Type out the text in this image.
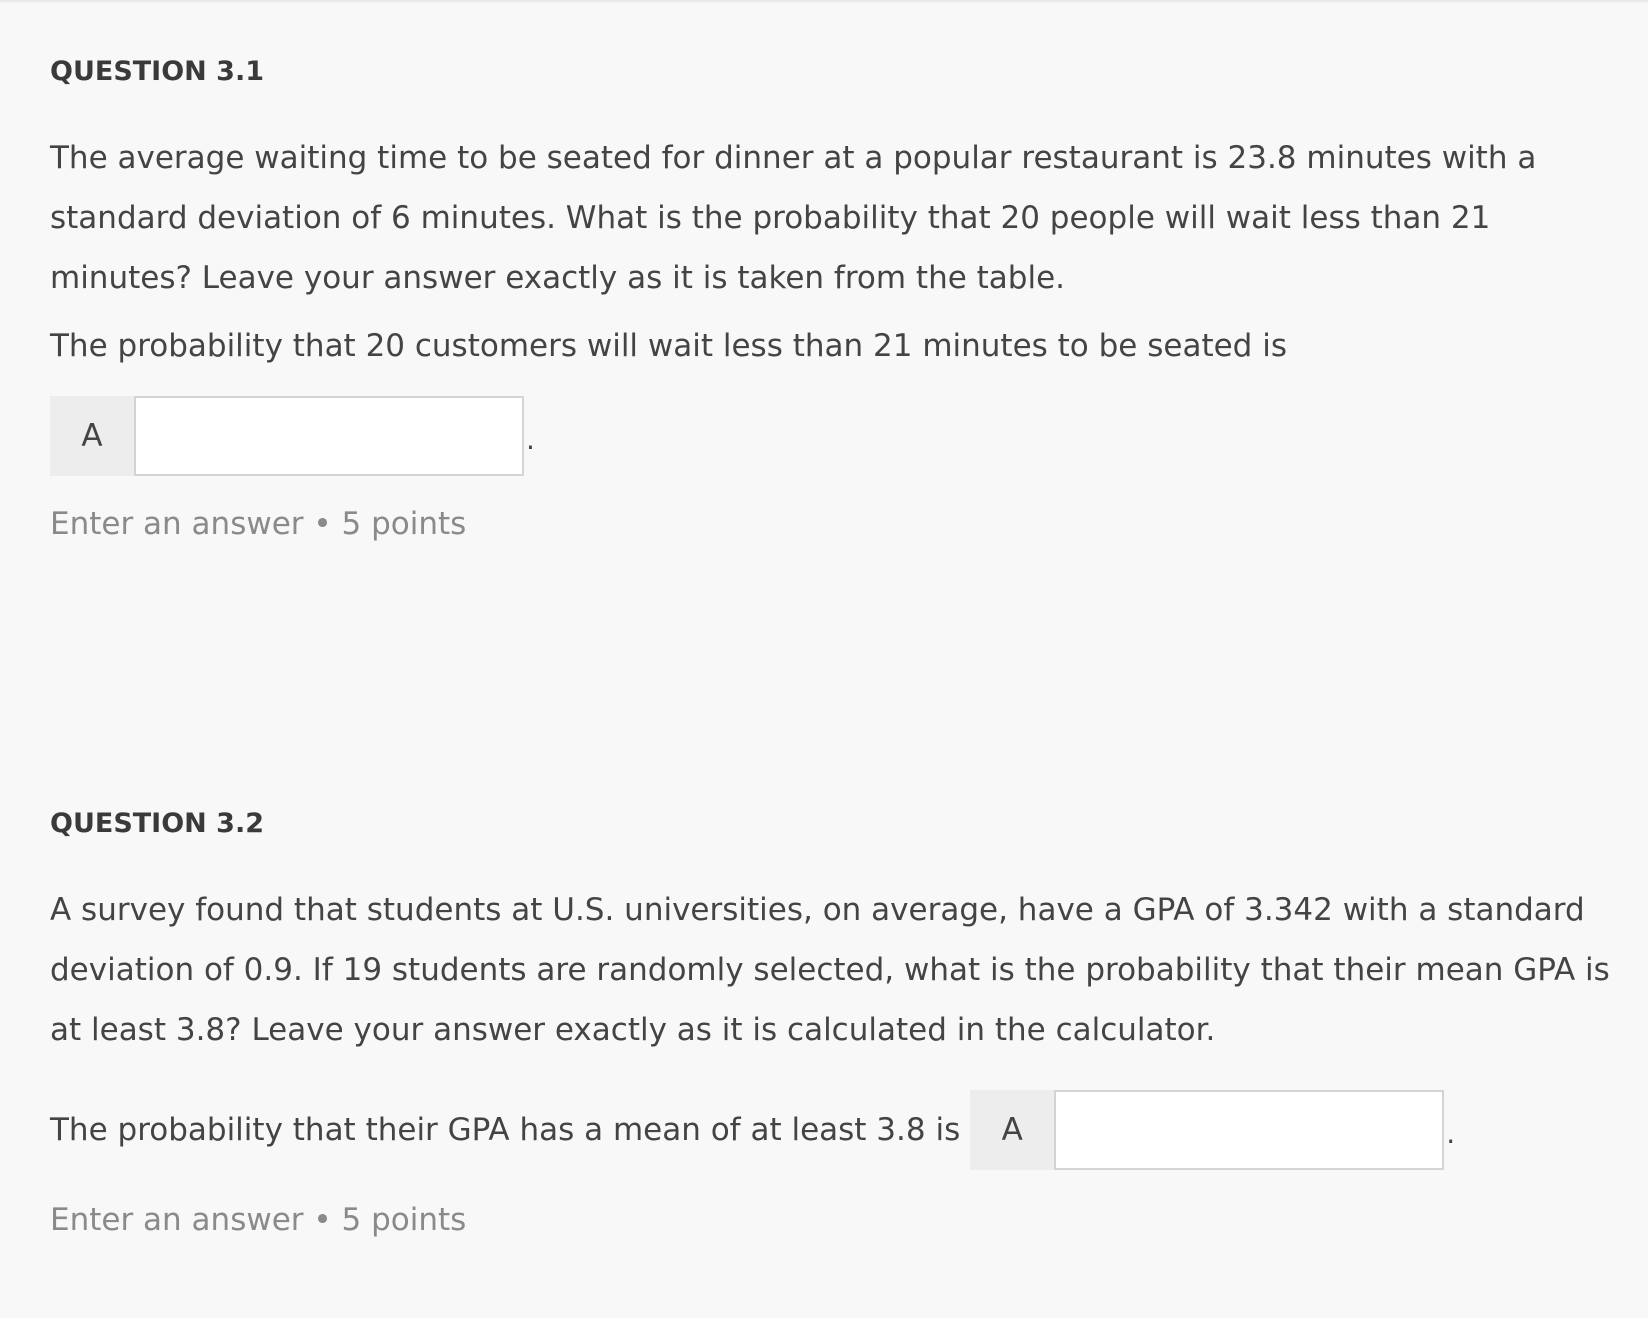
QUESTION 3.1

The average waiting time to be seated for dinner at a popular restaurant is 23.8 minutes with a standard deviation of 6 minutes. What is the probability that 20 people will wait less than 21 minutes? Leave your answer exactly as it is taken from the table.

The probability that 20 customers will wait less than 21 minutes to be seated is

A	.

Enter an answer • 5 points

QUESTION 3.2

A survey found that students at U.S. universities, on average, have a GPA of 3.342 with a standard deviation of 0.9. If 19 students are randomly selected, what is the probability that their mean GPA is at least 3.8? Leave your answer exactly as it is calculated in the calculator.

The probability that their GPA has a mean of at least 3.8 is	A	.

Enter an answer • 5 points
